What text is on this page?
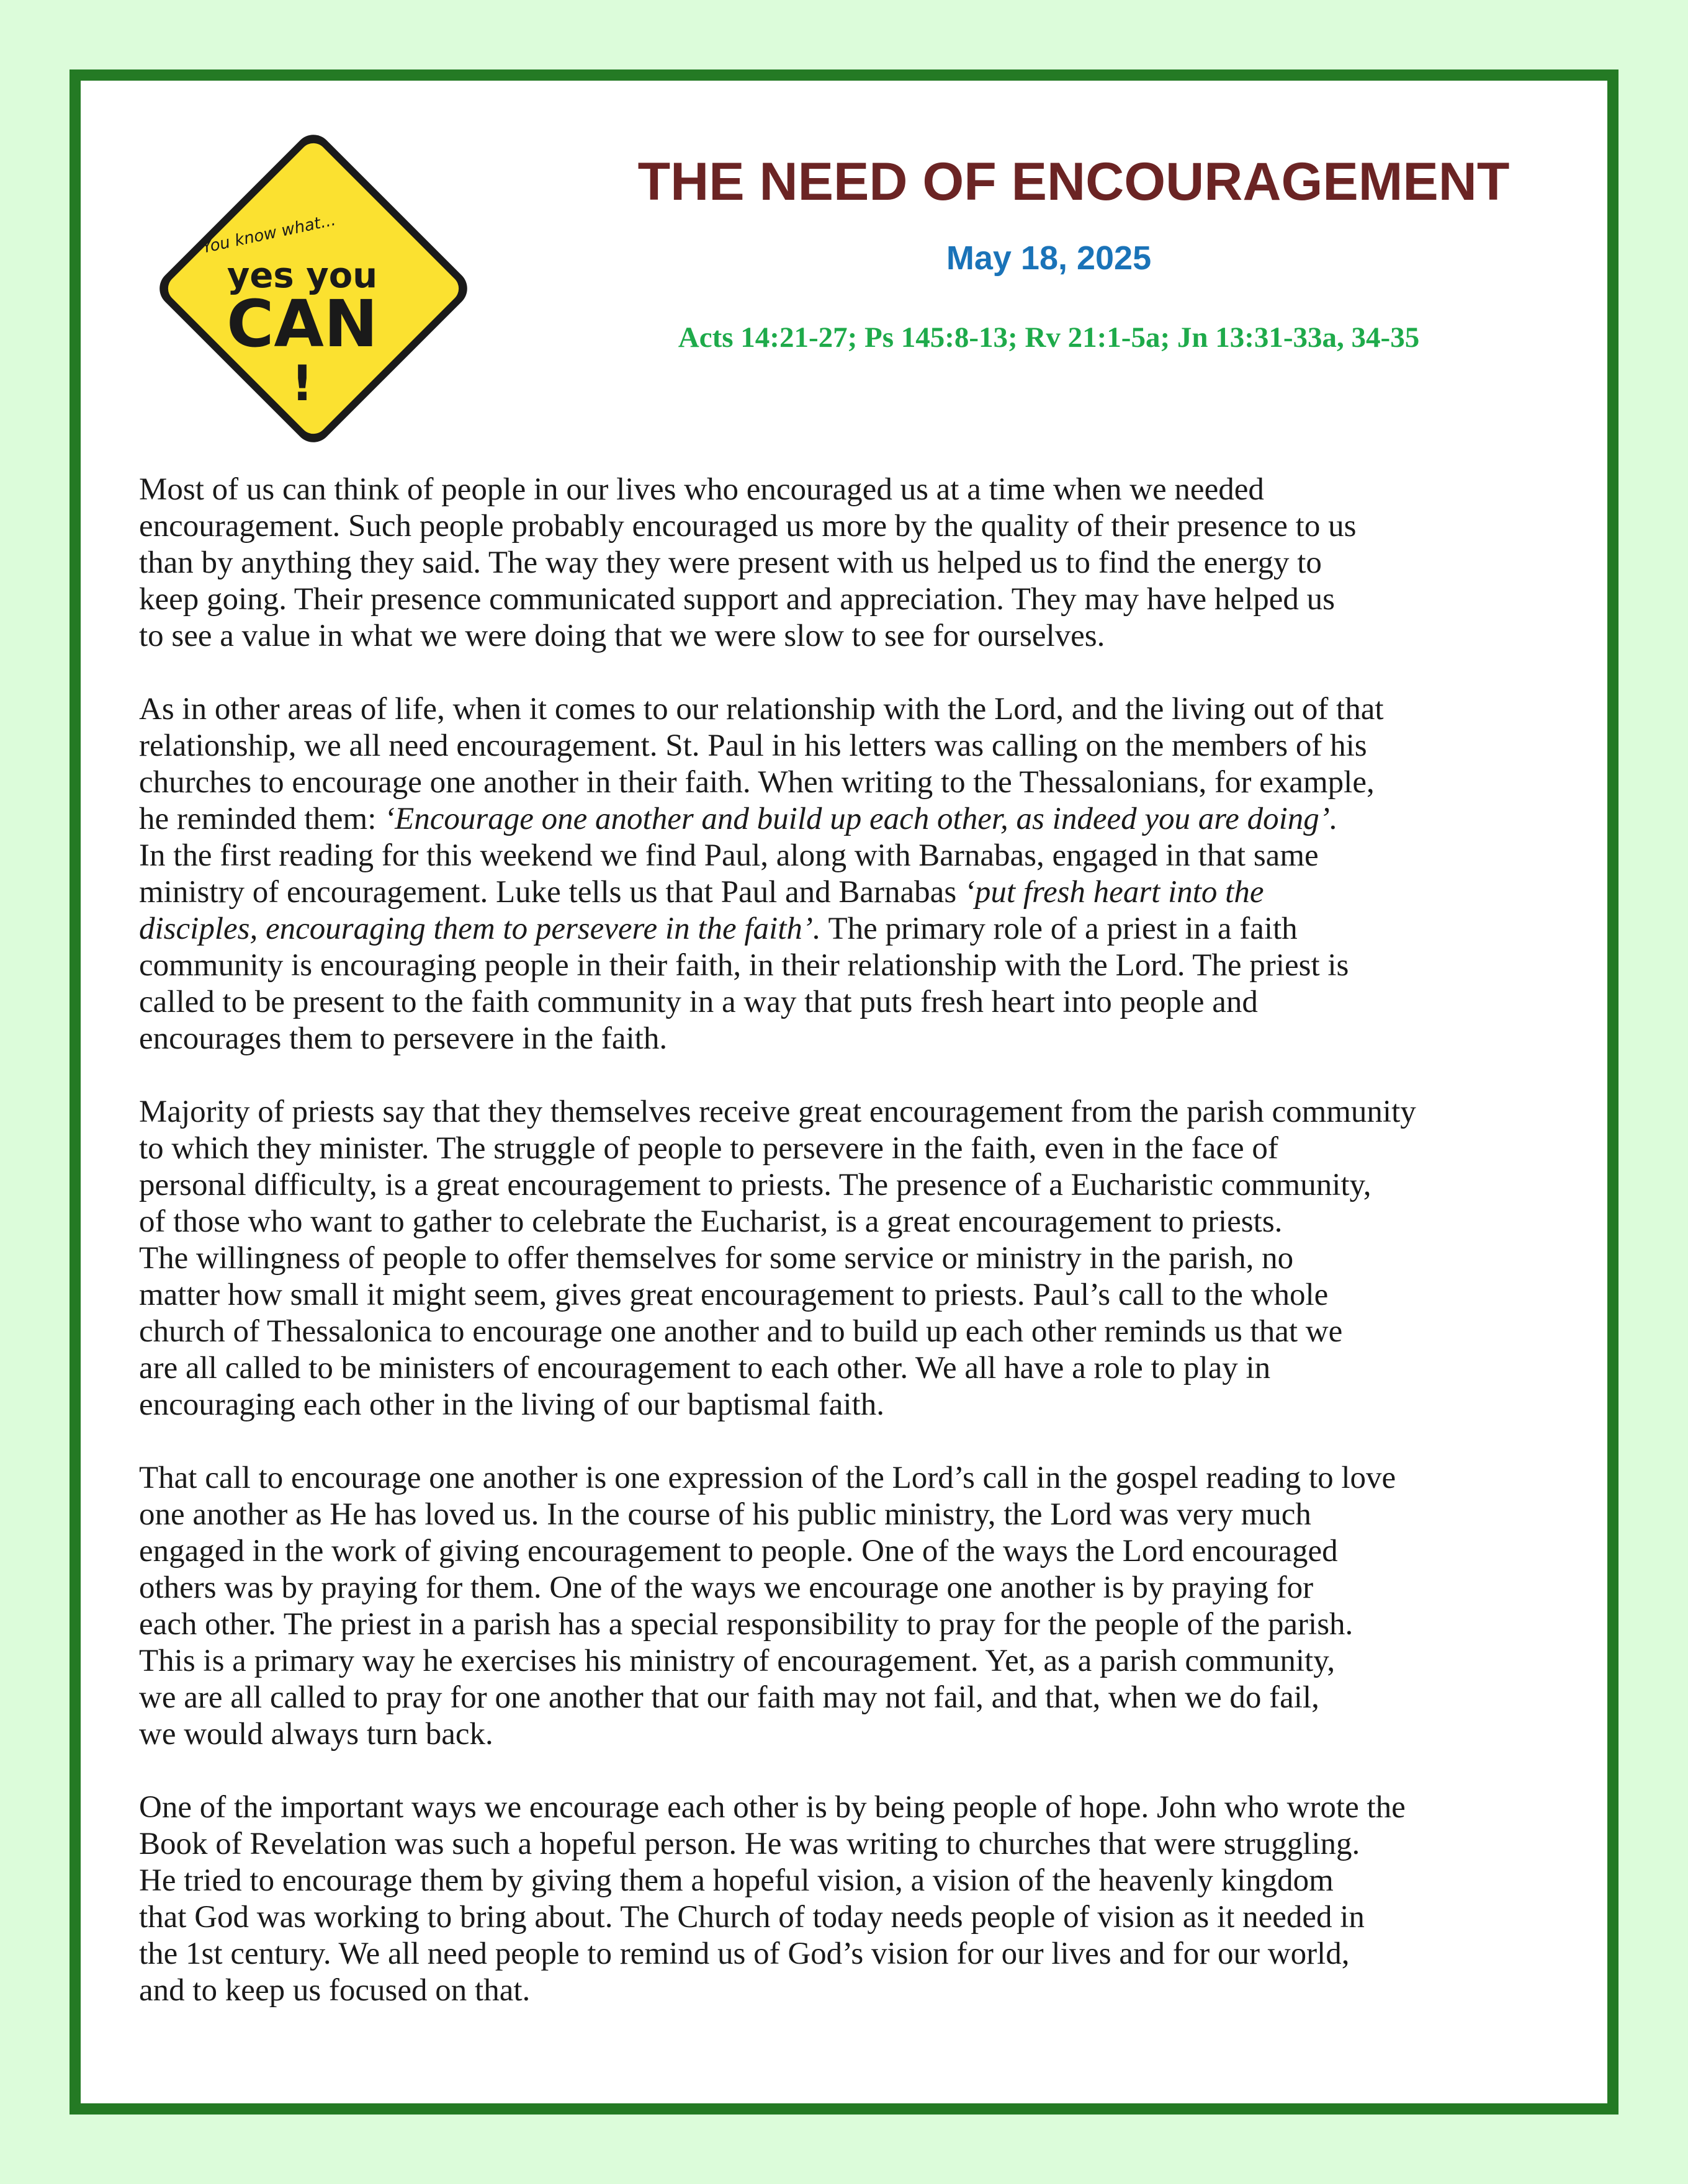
You know what...
yes you
CAN
!
THE NEED OF ENCOURAGEMENT
May 18, 2025
Acts 14:21-27; Ps 145:8-13; Rv 21:1-5a; Jn 13:31-33a, 34-35

Most of us can think of people in our lives who encouraged us at a time when we needed
encouragement. Such people probably encouraged us more by the quality of their presence to us
than by anything they said. The way they were present with us helped us to find the energy to
keep going. Their presence communicated support and appreciation. They may have helped us
to see a value in what we were doing that we were slow to see for ourselves.

As in other areas of life, when it comes to our relationship with the Lord, and the living out of that
relationship, we all need encouragement. St. Paul in his letters was calling on the members of his
churches to encourage one another in their faith. When writing to the Thessalonians, for example,
he reminded them: ‘Encourage one another and build up each other, as indeed you are doing’.
In the first reading for this weekend we find Paul, along with Barnabas, engaged in that same
ministry of encouragement. Luke tells us that Paul and Barnabas ‘put fresh heart into the
disciples, encouraging them to persevere in the faith’. The primary role of a priest in a faith
community is encouraging people in their faith, in their relationship with the Lord. The priest is
called to be present to the faith community in a way that puts fresh heart into people and
encourages them to persevere in the faith.

Majority of priests say that they themselves receive great encouragement from the parish community
to which they minister. The struggle of people to persevere in the faith, even in the face of
personal difficulty, is a great encouragement to priests. The presence of a Eucharistic community,
of those who want to gather to celebrate the Eucharist, is a great encouragement to priests.
The willingness of people to offer themselves for some service or ministry in the parish, no
matter how small it might seem, gives great encouragement to priests. Paul’s call to the whole
church of Thessalonica to encourage one another and to build up each other reminds us that we
are all called to be ministers of encouragement to each other. We all have a role to play in
encouraging each other in the living of our baptismal faith.

That call to encourage one another is one expression of the Lord’s call in the gospel reading to love
one another as He has loved us. In the course of his public ministry, the Lord was very much
engaged in the work of giving encouragement to people. One of the ways the Lord encouraged
others was by praying for them. One of the ways we encourage one another is by praying for
each other. The priest in a parish has a special responsibility to pray for the people of the parish.
This is a primary way he exercises his ministry of encouragement. Yet, as a parish community,
we are all called to pray for one another that our faith may not fail, and that, when we do fail,
we would always turn back.

One of the important ways we encourage each other is by being people of hope. John who wrote the
Book of Revelation was such a hopeful person. He was writing to churches that were struggling.
He tried to encourage them by giving them a hopeful vision, a vision of the heavenly kingdom
that God was working to bring about. The Church of today needs people of vision as it needed in
the 1st century. We all need people to remind us of God’s vision for our lives and for our world,
and to keep us focused on that.
